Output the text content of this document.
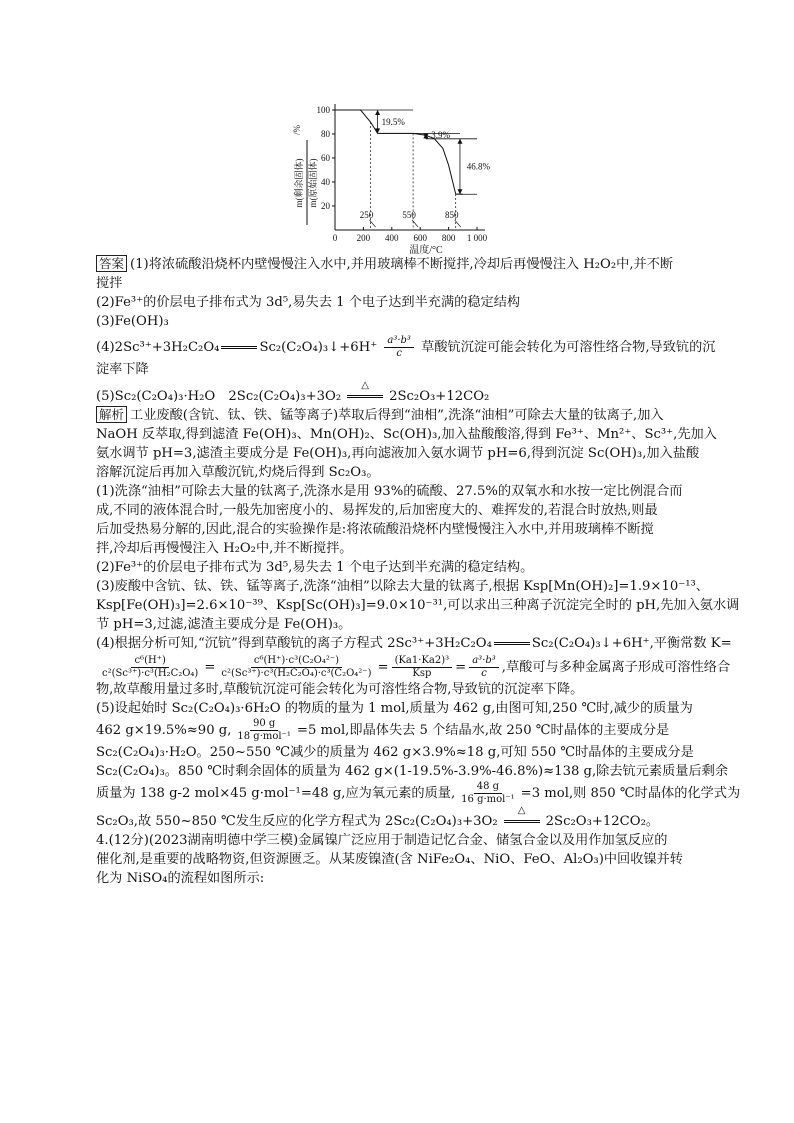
100
80
60
40
20
0 200 400 600 800 1 000
温度/°C
m(剩余固体) m(原始固体)
/%
250	550	850
19.5%
3.9%
46.8%
答案 (1)将浓硫酸沿烧杯内壁慢慢注入水中,并用玻璃棒不断搅拌,冷却后再慢慢注入 H₂O₂中,并不断
搅拌
(2)Fe³⁺的价层电子排布式为 3d⁵,易失去 1 个电子达到半充满的稳定结构
(3)Fe(OH)₃
(4)2Sc³⁺+3H₂C₂O₄	Sc₂(C₂O₄)₃↓+6H⁺ $\frac{\text{a³·b³}}{c}$ 草酸钪沉淀可能会转化为可溶性络合物,导致钪的沉
淀率下降
(5)Sc₂(C₂O₄)₃·H₂O　2Sc₂(C₂O₄)₃+3O₂
△
2Sc₂O₃+12CO₂
解析 工业废酸(含钪、钛、铁、锰等离子)萃取后得到“油相”,洗涤“油相”可除去大量的钛离子,加入
NaOH 反萃取,得到滤渣 Fe(OH)₃、Mn(OH)₂、Sc(OH)₃,加入盐酸酸溶,得到 Fe³⁺、Mn²⁺、Sc³⁺,先加入
氨水调节 pH=3,滤渣主要成分是 Fe(OH)₃,再向滤液加入氨水调节 pH=6,得到沉淀 Sc(OH)₃,加入盐酸
溶解沉淀后再加入草酸沉钪,灼烧后得到 Sc₂O₃。
(1)洗涤“油相”可除去大量的钛离子,洗涤水是用 93%的硫酸、27.5%的双氧水和水按一定比例混合而
成,不同的液体混合时,一般先加密度小的、易挥发的,后加密度大的、难挥发的,若混合时放热,则最
后加受热易分解的,因此,混合的实验操作是:将浓硫酸沿烧杯内壁慢慢注入水中,并用玻璃棒不断搅
拌,冷却后再慢慢注入 H₂O₂中,并不断搅拌。
(2)Fe³⁺的价层电子排布式为 3d⁵,易失去 1 个电子达到半充满的稳定结构。
(3)废酸中含钪、钛、铁、锰等离子,洗涤“油相”以除去大量的钛离子,根据 Ksp[Mn(OH)₂]=1.9×10⁻¹³、
Ksp[Fe(OH)₃]=2.6×10⁻³⁹、Ksp[Sc(OH)₃]=9.0×10⁻³¹,可以求出三种离子沉淀完全时的 pH,先加入氨水调
节 pH=3,过滤,滤渣主要成分是 Fe(OH)₃。
(4)根据分析可知,“沉钪”得到草酸钪的离子方程式 2Sc³⁺+3H₂C₂O₄	Sc₂(C₂O₄)₃↓+6H⁺,平衡常数 K=
$\frac{\text{c⁶(H⁺)}}{\text{c²(Sc³⁺)·c³(H₂C₂O₄)}} = \frac{\text{c⁶(H⁺)·c³(C₂O₄²⁻)}}{\text{c²(Sc³⁺)·c³(H₂C₂O₄)·c³(C₂O₄²⁻)}} = \frac{\text{(Ka1·Ka2)³}}{\text{Ksp}} = \frac{\text{a³·b³}}{c}$ ,草酸可与多种金属离子形成可溶性络合
物,故草酸用量过多时,草酸钪沉淀可能会转化为可溶性络合物,导致钪的沉淀率下降。
(5)设起始时 Sc₂(C₂O₄)₃·6H₂O 的物质的量为 1 mol,质量为 462 g,由图可知,250 ℃时,减少的质量为
462 g×19.5%≈90 g, $\frac{90 g}{\text{18 g·mol⁻¹}} =5$ mol,即晶体失去 5 个结晶水,故 250 ℃时晶体的主要成分是
Sc₂(C₂O₄)₃·H₂O。250~550 ℃减少的质量为 462 g×3.9%≈18 g,可知 550 ℃时晶体的主要成分是
Sc₂(C₂O₄)₃。850 ℃时剩余固体的质量为 462 g×(1-19.5%-3.9%-46.8%)≈138 g,除去钪元素质量后剩余
质量为 138 g-2 mol×45 g·mol⁻¹=48 g,应为氧元素的质量, $\frac{48 g}{\text{16 g·mol⁻¹}} =3$ mol,则 850 ℃时晶体的化学式为
Sc₂O₃,故 550~850 ℃发生反应的化学方程式为 2Sc₂(C₂O₄)₃+3O₂
△
2Sc₂O₃+12CO₂。
4.(12分)(2023湖南明德中学三模)金属镍广泛应用于制造记忆合金、储氢合金以及用作加氢反应的
催化剂,是重要的战略物资,但资源匮乏。从某废镍渣(含 NiFe₂O₄、NiO、FeO、Al₂O₃)中回收镍并转
化为 NiSO₄的流程如图所示:
